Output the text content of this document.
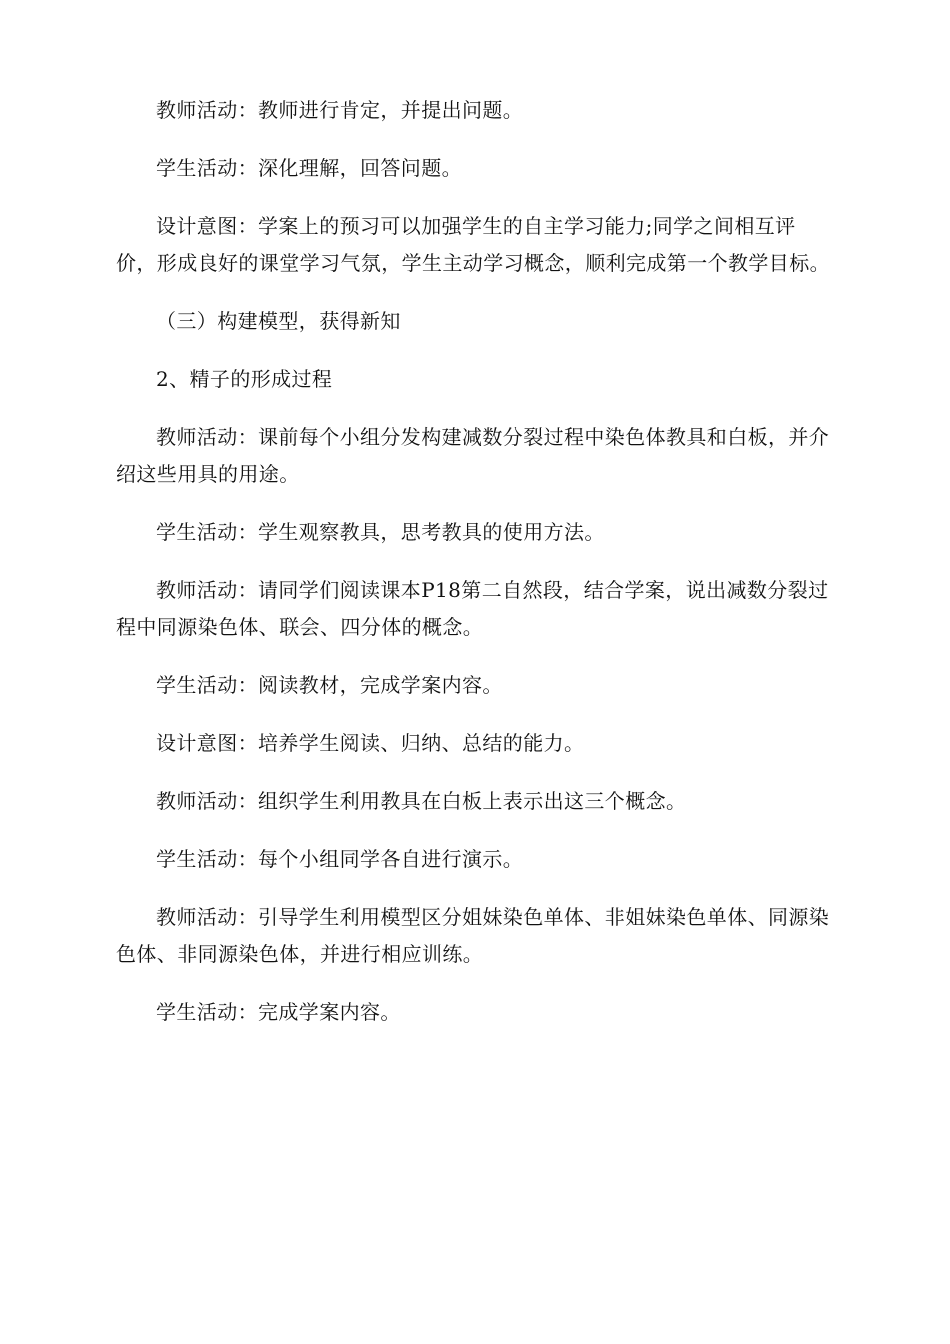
教师活动：教师进行肯定，并提出问题。

学生活动：深化理解，回答问题。

设计意图：学案上的预习可以加强学生的自主学习能力;同学之间相互评价，形成良好的课堂学习气氛，学生主动学习概念，顺利完成第一个教学目标。

（三）构建模型，获得新知

2、精子的形成过程

教师活动：课前每个小组分发构建减数分裂过程中染色体教具和白板，并介绍这些用具的用途。

学生活动：学生观察教具，思考教具的使用方法。

教师活动：请同学们阅读课本P18第二自然段，结合学案，说出减数分裂过程中同源染色体、联会、四分体的概念。

学生活动：阅读教材，完成学案内容。

设计意图：培养学生阅读、归纳、总结的能力。

教师活动：组织学生利用教具在白板上表示出这三个概念。

学生活动：每个小组同学各自进行演示。

教师活动：引导学生利用模型区分姐妹染色单体、非姐妹染色单体、同源染色体、非同源染色体，并进行相应训练。

学生活动：完成学案内容。
